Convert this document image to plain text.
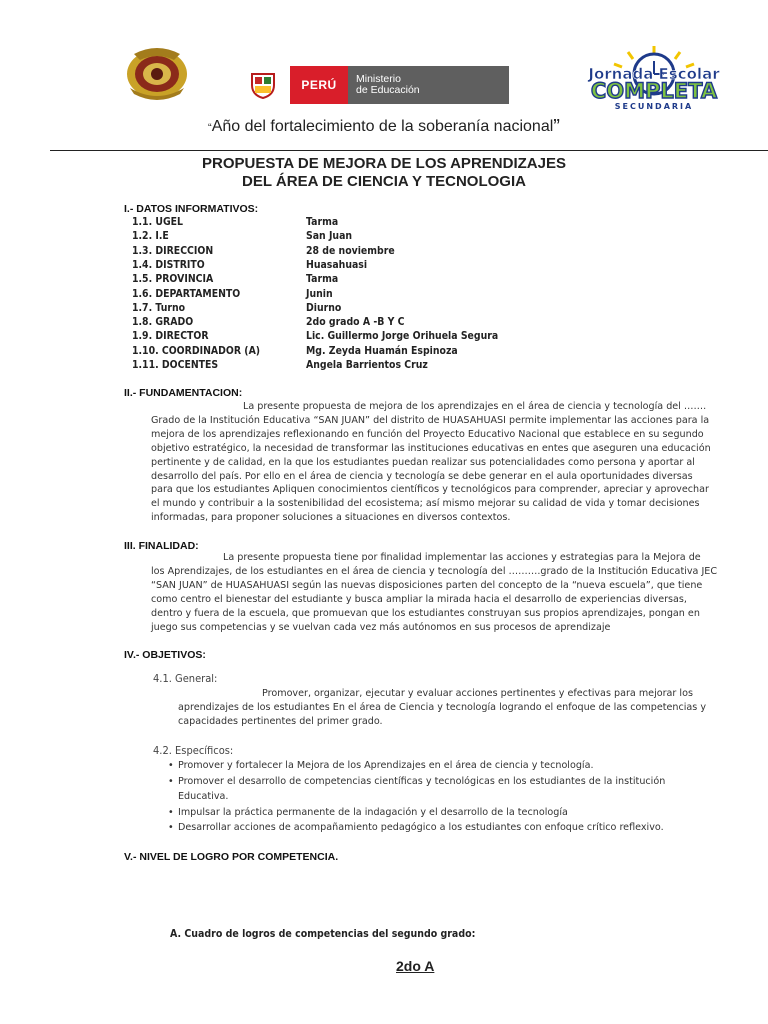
PERÚ	Ministerio
de Educación
Jornada Escolar
COMPLETA
SECUNDARIA
“Año del fortalecimiento de la soberanía nacional”
PROPUESTA DE MEJORA DE LOS APRENDIZAJES
DEL ÁREA DE CIENCIA Y TECNOLOGIA
I.- DATOS INFORMATIVOS:
1.1. UGEL	Tarma
1.2. I.E	San Juan
1.3. DIRECCION	28 de noviembre
1.4. DISTRITO	Huasahuasi
1.5. PROVINCIA	Tarma
1.6. DEPARTAMENTO	Junin
1.7. Turno	Diurno
1.8. GRADO	2do grado A -B Y C
1.9. DIRECTOR	Lic. Guillermo Jorge Orihuela Segura
1.10. COORDINADOR (A)	Mg. Zeyda Huamán Espinoza
1.11. DOCENTES	Angela Barrientos Cruz
II.- FUNDAMENTACION:

La presente propuesta de mejora de los aprendizajes en el área de ciencia y tecnología del …….

Grado de la Institución Educativa “SAN JUAN” del distrito de HUASAHUASI permite implementar las acciones para la

mejora de los aprendizajes reflexionando en función del Proyecto Educativo Nacional que establece en su segundo

objetivo estratégico, la necesidad de transformar las instituciones educativas en entes que aseguren una educación

pertinente y de calidad, en la que los estudiantes puedan realizar sus potencialidades como persona y aportar al

desarrollo del país. Por ello en el área de ciencia y tecnología se debe generar en el aula oportunidades diversas

para que los estudiantes Apliquen conocimientos científicos y tecnológicos para comprender, apreciar y aprovechar

el mundo y contribuir a la sostenibilidad del ecosistema; así mismo mejorar su calidad de vida y tomar decisiones

informadas, para proponer soluciones a situaciones en diversos contextos.

III. FINALIDAD:

La presente propuesta tiene por finalidad implementar las acciones y estrategias para la Mejora de

los Aprendizajes, de los estudiantes en el área de ciencia y tecnología del ……….grado de la Institución Educativa JEC

“SAN JUAN” de HUASAHUASI según las nuevas disposiciones parten del concepto de la “nueva escuela”, que tiene

como centro el bienestar del estudiante y busca ampliar la mirada hacia el desarrollo de experiencias diversas,

dentro y fuera de la escuela, que promuevan que los estudiantes construyan sus propios aprendizajes, pongan en

juego sus competencias y se vuelvan cada vez más autónomos en sus procesos de aprendizaje

IV.- OBJETIVOS:
4.1. General:

Promover, organizar, ejecutar y evaluar acciones pertinentes y efectivas para mejorar los

aprendizajes de los estudiantes En el área de Ciencia y tecnología logrando el enfoque de las competencias y

capacidades pertinentes del primer grado.

4.2. Específicos:
• Promover y fortalecer la Mejora de los Aprendizajes en el área de ciencia y tecnología.
• Promover el desarrollo de competencias científicas y tecnológicas en los estudiantes de la institución
Educativa.
• Impulsar la práctica permanente de la indagación y el desarrollo de la tecnología
• Desarrollar acciones de acompañamiento pedagógico a los estudiantes con enfoque crítico reflexivo.
V.- NIVEL DE LOGRO POR COMPETENCIA.
A. Cuadro de logros de competencias del segundo grado:
2do A
